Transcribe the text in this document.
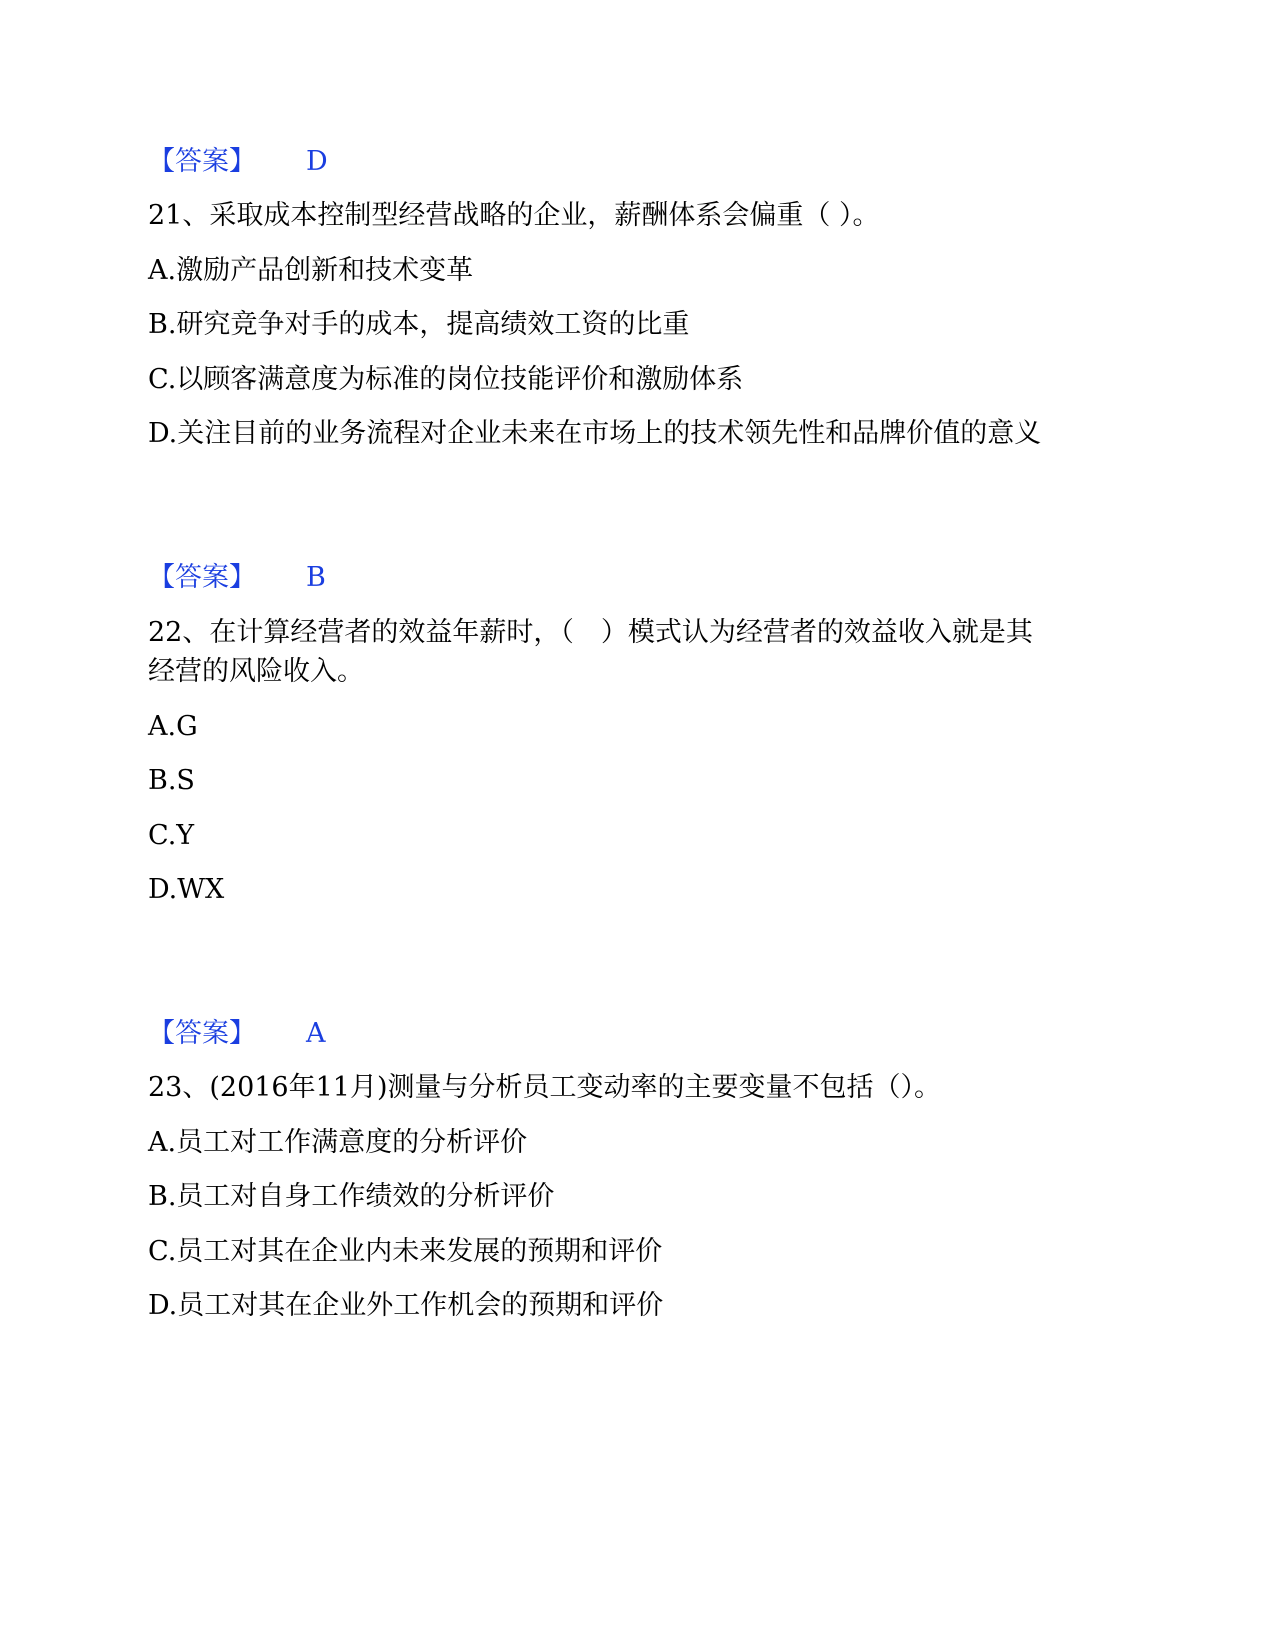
【答案】 D
21、采取成本控制型经营战略的企业，薪酬体系会偏重（ ）。
A.激励产品创新和技术变革
B.研究竞争对手的成本，提高绩效工资的比重
C.以顾客满意度为标准的岗位技能评价和激励体系
D.关注目前的业务流程对企业未来在市场上的技术领先性和品牌价值的意义
【答案】 B
22、在计算经营者的效益年薪时，（　）模式认为经营者的效益收入就是其
经营的风险收入。
A.G
B.S
C.Y
D.WX
【答案】 A
23、(2016年11月)测量与分析员工变动率的主要变量不包括（）。
A.员工对工作满意度的分析评价
B.员工对自身工作绩效的分析评价
C.员工对其在企业内未来发展的预期和评价
D.员工对其在企业外工作机会的预期和评价
